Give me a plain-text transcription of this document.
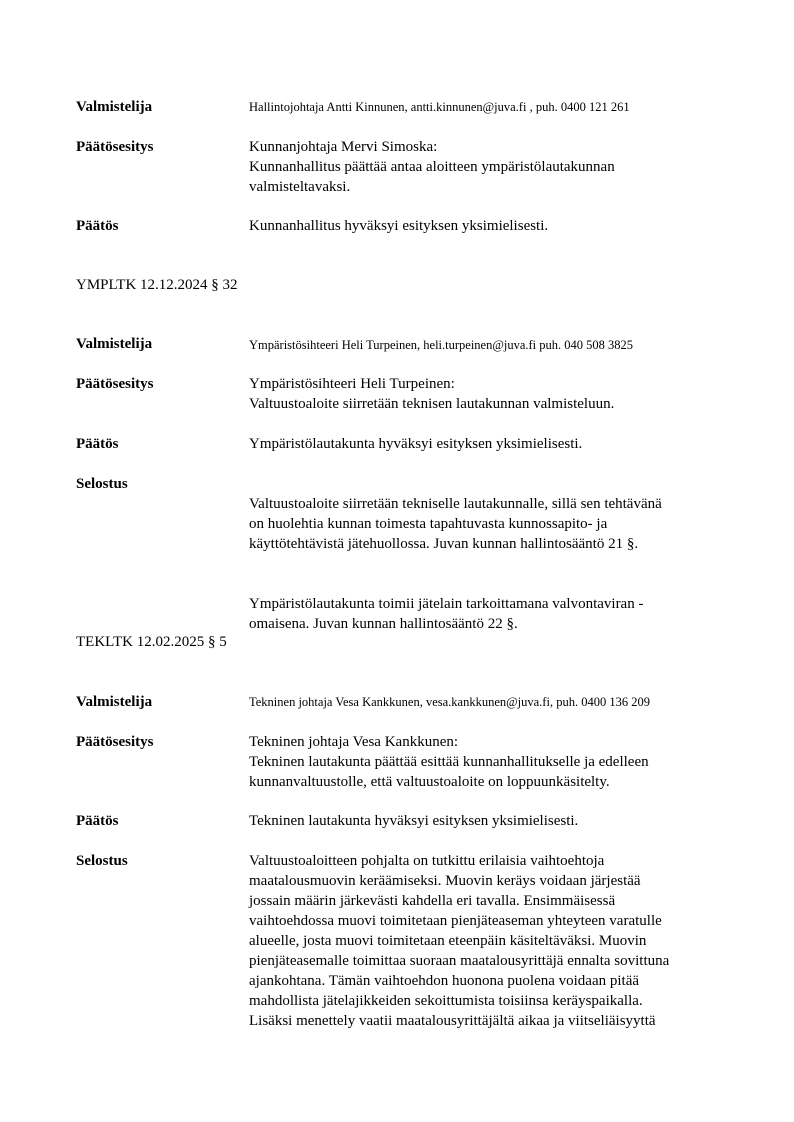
Valmistelija	Hallintojohtaja Antti Kinnunen, antti.kinnunen@juva.fi , puh. 0400 121 261
Päätösesitys	Kunnanjohtaja Mervi Simoska:
Kunnanhallitus päättää antaa aloitteen ympäristölautakunnan
valmisteltavaksi.
Päätös	Kunnanhallitus hyväksyi esityksen yksimielisesti.
YMPLTK 12.12.2024 § 32
Valmistelija	Ympäristösihteeri Heli Turpeinen, heli.turpeinen@juva.fi puh. 040 508 3825
Päätösesitys	Ympäristösihteeri Heli Turpeinen:
Valtuustoaloite siirretään teknisen lautakunnan valmisteluun.
Päätös	Ympäristölautakunta hyväksyi esityksen yksimielisesti.
Selostus

Valtuustoaloite siirretään tekniselle lautakunnalle, sillä sen tehtävänä
on huolehtia kunnan toimesta tapahtuvasta kunnossapito- ja
käyttötehtävistä jätehuollossa. Juvan kunnan hallintosääntö 21 §.

Ympäristölautakunta toimii jätelain tarkoittamana valvontaviran -
omaisena. Juvan kunnan hallintosääntö 22 §.

TEKLTK 12.02.2025 § 5
Valmistelija	Tekninen johtaja Vesa Kankkunen, vesa.kankkunen@juva.fi, puh. 0400 136 209
Päätösesitys	Tekninen johtaja Vesa Kankkunen:
Tekninen lautakunta päättää esittää kunnanhallitukselle ja edelleen
kunnanvaltuustolle, että valtuustoaloite on loppuunkäsitelty.
Päätös	Tekninen lautakunta hyväksyi esityksen yksimielisesti.
Selostus	Valtuustoaloitteen pohjalta on tutkittu erilaisia vaihtoehtoja
maatalousmuovin keräämiseksi. Muovin keräys voidaan järjestää
jossain määrin järkevästi kahdella eri tavalla. Ensimmäisessä
vaihtoehdossa muovi toimitetaan pienjäteaseman yhteyteen varatulle
alueelle, josta muovi toimitetaan eteenpäin käsiteltäväksi. Muovin
pienjäteasemalle toimittaa suoraan maatalousyrittäjä ennalta sovittuna
ajankohtana. Tämän vaihtoehdon huonona puolena voidaan pitää
mahdollista jätelajikkeiden sekoittumista toisiinsa keräyspaikalla.
Lisäksi menettely vaatii maatalousyrittäjältä aikaa ja viitseliäisyyttä
